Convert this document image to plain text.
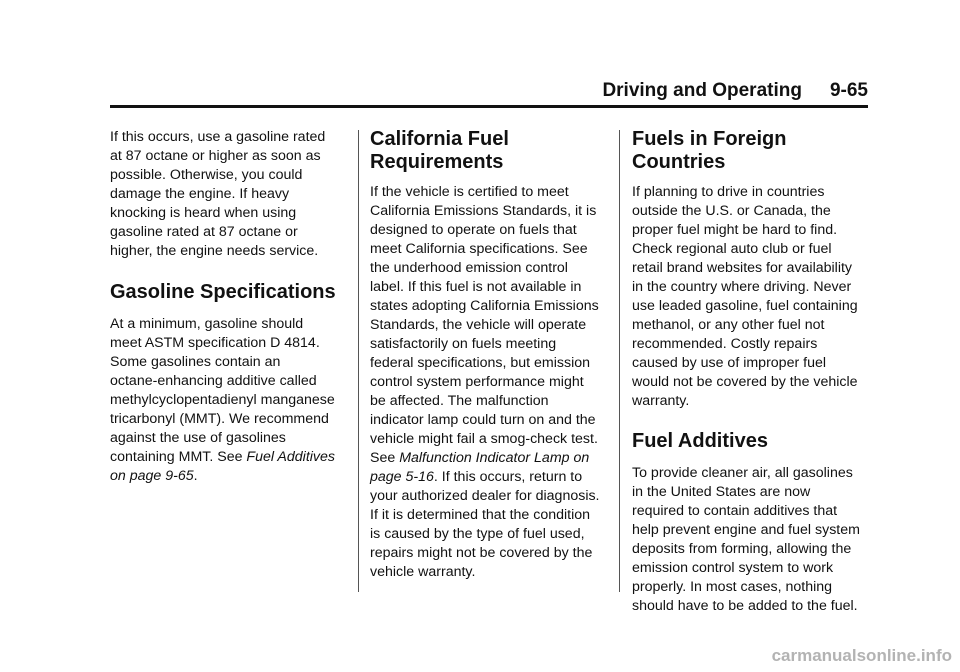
Driving and Operating 9-65

If this occurs, use a gasoline rated
at 87 octane or higher as soon as
possible. Otherwise, you could
damage the engine. If heavy
knocking is heard when using
gasoline rated at 87 octane or
higher, the engine needs service.

Gasoline Specifications

At a minimum, gasoline should
meet ASTM specification D 4814.
Some gasolines contain an
octane-enhancing additive called
methylcyclopentadienyl manganese
tricarbonyl (MMT). We recommend
against the use of gasolines
containing MMT. See Fuel Additives
on page 9-65.

California Fuel
Requirements

If the vehicle is certified to meet
California Emissions Standards, it is
designed to operate on fuels that
meet California specifications. See
the underhood emission control
label. If this fuel is not available in
states adopting California Emissions
Standards, the vehicle will operate
satisfactorily on fuels meeting
federal specifications, but emission
control system performance might
be affected. The malfunction
indicator lamp could turn on and the
vehicle might fail a smog-check test.
See Malfunction Indicator Lamp on
page 5-16. If this occurs, return to
your authorized dealer for diagnosis.
If it is determined that the condition
is caused by the type of fuel used,
repairs might not be covered by the
vehicle warranty.

Fuels in Foreign
Countries

If planning to drive in countries
outside the U.S. or Canada, the
proper fuel might be hard to find.
Check regional auto club or fuel
retail brand websites for availability
in the country where driving. Never
use leaded gasoline, fuel containing
methanol, or any other fuel not
recommended. Costly repairs
caused by use of improper fuel
would not be covered by the vehicle
warranty.

Fuel Additives

To provide cleaner air, all gasolines
in the United States are now
required to contain additives that
help prevent engine and fuel system
deposits from forming, allowing the
emission control system to work
properly. In most cases, nothing
should have to be added to the fuel.

carmanualsonline.info
